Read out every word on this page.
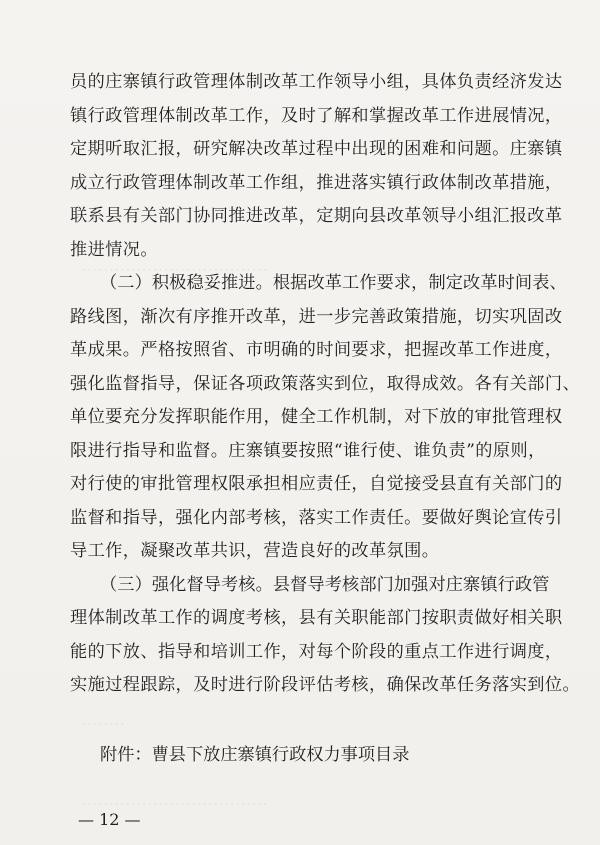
．．．．．．．．．．．．．．．．．．．．．．．．．．．．．．．．．．
．．．．．．．．．．
．．．．．．．．
．．．．．．．．．．．．．．．．．．．．．．．．．．．．．．．．．．
员的庄寨镇行政管理体制改革工作领导小组，具体负责经济发达
镇行政管理体制改革工作，及时了解和掌握改革工作进展情况，
定期听取汇报，研究解决改革过程中出现的困难和问题。庄寨镇
成立行政管理体制改革工作组，推进落实镇行政体制改革措施，
联系县有关部门协同推进改革，定期向县改革领导小组汇报改革
推进情况。
（二）积极稳妥推进。根据改革工作要求，制定改革时间表、
路线图，渐次有序推开改革，进一步完善政策措施，切实巩固改
革成果。严格按照省、市明确的时间要求，把握改革工作进度，
强化监督指导，保证各项政策落实到位，取得成效。各有关部门、
单位要充分发挥职能作用，健全工作机制，对下放的审批管理权
限进行指导和监督。庄寨镇要按照“谁行使、谁负责”的原则，
对行使的审批管理权限承担相应责任，自觉接受县直有关部门的
监督和指导，强化内部考核，落实工作责任。要做好舆论宣传引
导工作，凝聚改革共识，营造良好的改革氛围。
（三）强化督导考核。县督导考核部门加强对庄寨镇行政管
理体制改革工作的调度考核，县有关职能部门按职责做好相关职
能的下放、指导和培训工作，对每个阶段的重点工作进行调度，
实施过程跟踪，及时进行阶段评估考核，确保改革任务落实到位。
附件：曹县下放庄寨镇行政权力事项目录
— 12 —
